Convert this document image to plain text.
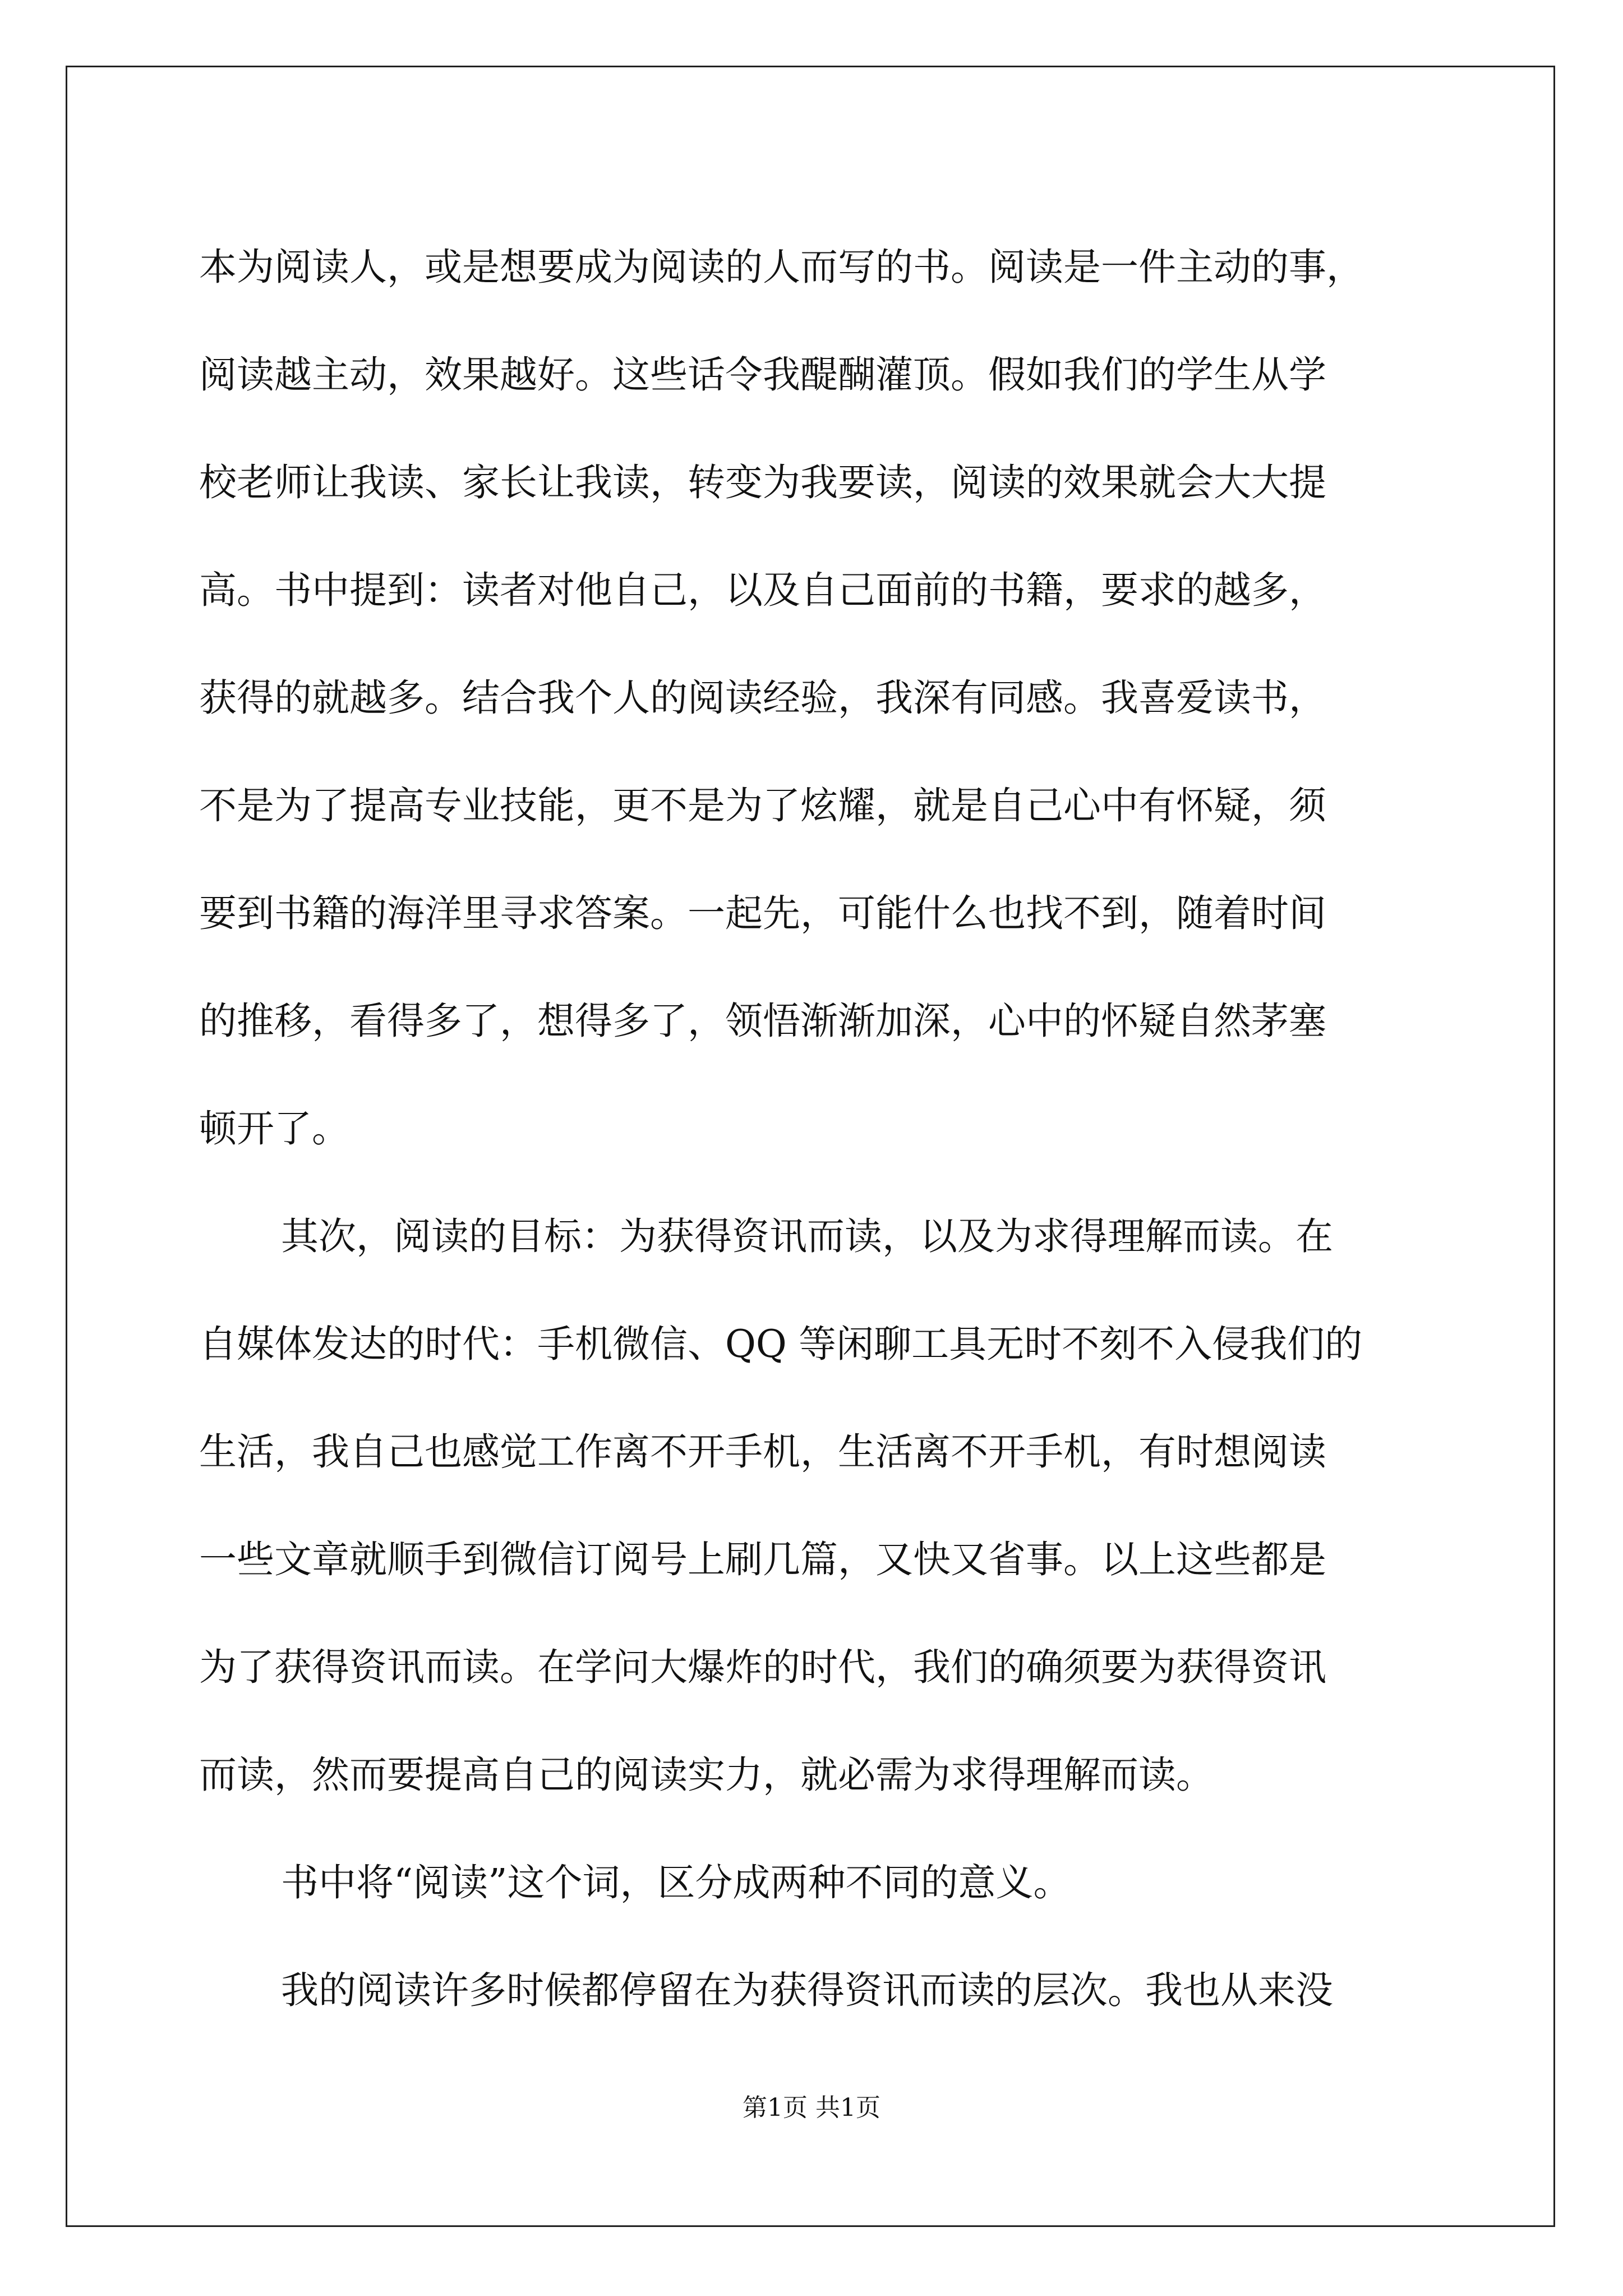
本为阅读人，或是想要成为阅读的人而写的书。阅读是一件主动的事，
阅读越主动，效果越好。这些话令我醍醐灌顶。假如我们的学生从学
校老师让我读、家长让我读，转变为我要读，阅读的效果就会大大提
高。书中提到：读者对他自己，以及自己面前的书籍，要求的越多，
获得的就越多。结合我个人的阅读经验，我深有同感。我喜爱读书，
不是为了提高专业技能，更不是为了炫耀，就是自己心中有怀疑，须
要到书籍的海洋里寻求答案。一起先，可能什么也找不到，随着时间
的推移，看得多了，想得多了，领悟渐渐加深，心中的怀疑自然茅塞
顿开了。
其次，阅读的目标：为获得资讯而读，以及为求得理解而读。在
自媒体发达的时代：手机微信、QQ 等闲聊工具无时不刻不入侵我们的
生活，我自己也感觉工作离不开手机，生活离不开手机，有时想阅读
一些文章就顺手到微信订阅号上刷几篇，又快又省事。以上这些都是
为了获得资讯而读。在学问大爆炸的时代，我们的确须要为获得资讯
而读，然而要提高自己的阅读实力，就必需为求得理解而读。
书中将“阅读”这个词，区分成两种不同的意义。
我的阅读许多时候都停留在为获得资讯而读的层次。我也从来没
第1页 共1页
